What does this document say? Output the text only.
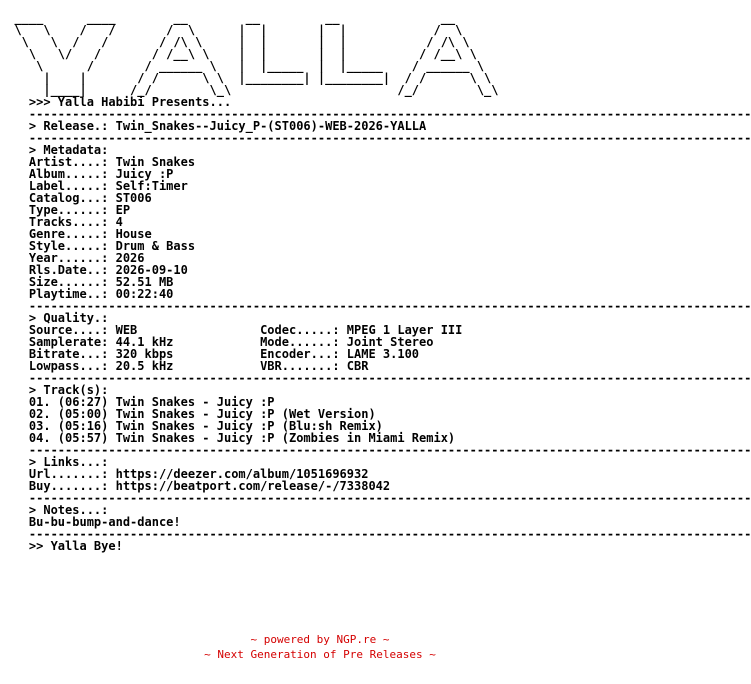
____      ____        __        __         __              __
\   \    /   /       /  \      |  |       |  |            /  \
\   \  /   /       / /\ \     |  |       |  |           / /\ \
\   \/   /       / /__\ \    |  |       |  |          / /__\ \
\      /       / ______ \   |  |_____  |  |_____    / ______ \
|    |       / /      \ \  |________| |________|  / /      \ \
|____|      /_/        \_\                       /_/        \_\
>>> Yalla Habibi Presents...
----------------------------------------------------------------------------------------------------
> Release.: Twin_Snakes--Juicy_P-(ST006)-WEB-2026-YALLA
----------------------------------------------------------------------------------------------------
> Metadata:
Artist....: Twin Snakes
Album.....: Juicy :P
Label.....: Self:Timer
Catalog...: ST006
Type......: EP
Tracks....: 4
Genre.....: House
Style.....: Drum & Bass
Year......: 2026
Rls.Date..: 2026-09-10
Size......: 52.51 MB
Playtime..: 00:22:40
----------------------------------------------------------------------------------------------------
> Quality.:
Source....: WEB                 Codec.....: MPEG 1 Layer III
Samplerate: 44.1 kHz            Mode......: Joint Stereo
Bitrate...: 320 kbps            Encoder...: LAME 3.100
Lowpass...: 20.5 kHz            VBR.......: CBR
----------------------------------------------------------------------------------------------------
> Track(s):
01. (06:27) Twin Snakes - Juicy :P
02. (05:00) Twin Snakes - Juicy :P (Wet Version)
03. (05:16) Twin Snakes - Juicy :P (Blu:sh Remix)
04. (05:57) Twin Snakes - Juicy :P (Zombies in Miami Remix)
----------------------------------------------------------------------------------------------------
> Links...:
Url.......: https://deezer.com/album/1051696932
Buy.......: https://beatport.com/release/-/7338042
----------------------------------------------------------------------------------------------------
> Notes...:
Bu-bu-bump-and-dance!
----------------------------------------------------------------------------------------------------
>> Yalla Bye!
~ powered by NGP.re ~
~ Next Generation of Pre Releases ~
